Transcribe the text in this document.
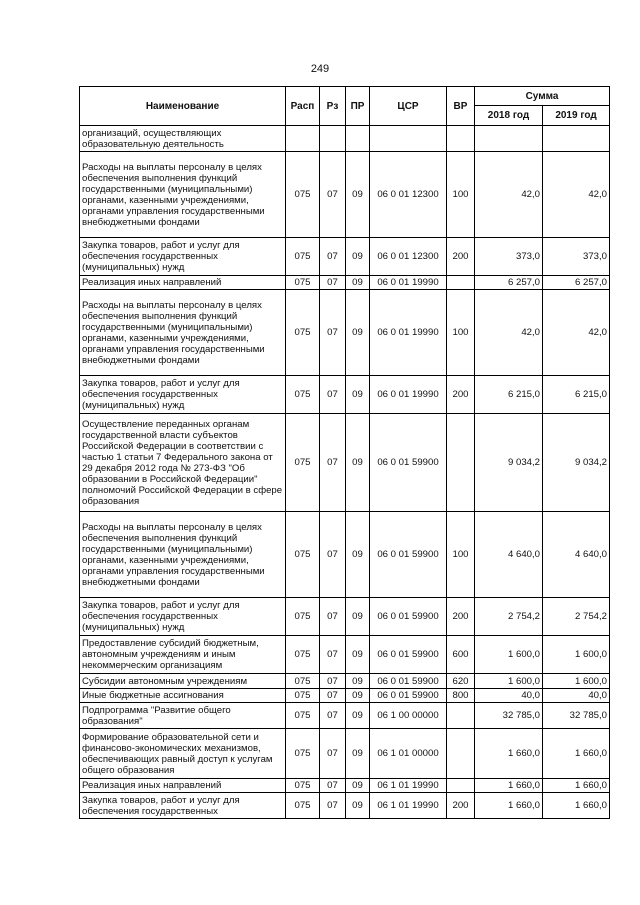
249
Наименование	Расп	Рз	ПР	ЦСР	ВР	Сумма	
						2018 год	2019 год
организаций, осуществляющих образовательную деятельность							
Расходы на выплаты персоналу в целях обеспечения выполнения функций государственными (муниципальными) органами, казенными учреждениями, органами управления государственными внебюджетными фондами	075	07	09	06 0 01 12300	100	42,0	42,0
Закупка товаров, работ и услуг для обеспечения государственных (муниципальных) нужд	075	07	09	06 0 01 12300	200	373,0	373,0
Реализация иных направлений	075	07	09	06 0 01 19990		6 257,0	6 257,0
Расходы на выплаты персоналу в целях обеспечения выполнения функций государственными (муниципальными) органами, казенными учреждениями, органами управления государственными внебюджетными фондами	075	07	09	06 0 01 19990	100	42,0	42,0
Закупка товаров, работ и услуг для обеспечения государственных (муниципальных) нужд	075	07	09	06 0 01 19990	200	6 215,0	6 215,0
Осуществление переданных органам государственной власти субъектов Российской Федерации в соответствии с частью 1 статьи 7 Федерального закона от 29 декабря 2012 года № 273-ФЗ "Об образовании в Российской Федерации" полномочий Российской Федерации в сфере образования	075	07	09	06 0 01 59900		9 034,2	9 034,2
Расходы на выплаты персоналу в целях обеспечения выполнения функций государственными (муниципальными) органами, казенными учреждениями, органами управления государственными внебюджетными фондами	075	07	09	06 0 01 59900	100	4 640,0	4 640,0
Закупка товаров, работ и услуг для обеспечения государственных (муниципальных) нужд	075	07	09	06 0 01 59900	200	2 754,2	2 754,2
Предоставление субсидий бюджетным, автономным учреждениям и иным некоммерческим организациям	075	07	09	06 0 01 59900	600	1 600,0	1 600,0
Субсидии автономным учреждениям	075	07	09	06 0 01 59900	620	1 600,0	1 600,0
Иные бюджетные ассигнования	075	07	09	06 0 01 59900	800	40,0	40,0
Подпрограмма "Развитие общего образования"	075	07	09	06 1 00 00000		32 785,0	32 785,0
Формирование образовательной сети и финансово-экономических механизмов, обеспечивающих равный доступ к услугам общего образования	075	07	09	06 1 01 00000		1 660,0	1 660,0
Реализация иных направлений	075	07	09	06 1 01 19990		1 660,0	1 660,0
Закупка товаров, работ и услуг для обеспечения государственных	075	07	09	06 1 01 19990	200	1 660,0	1 660,0
